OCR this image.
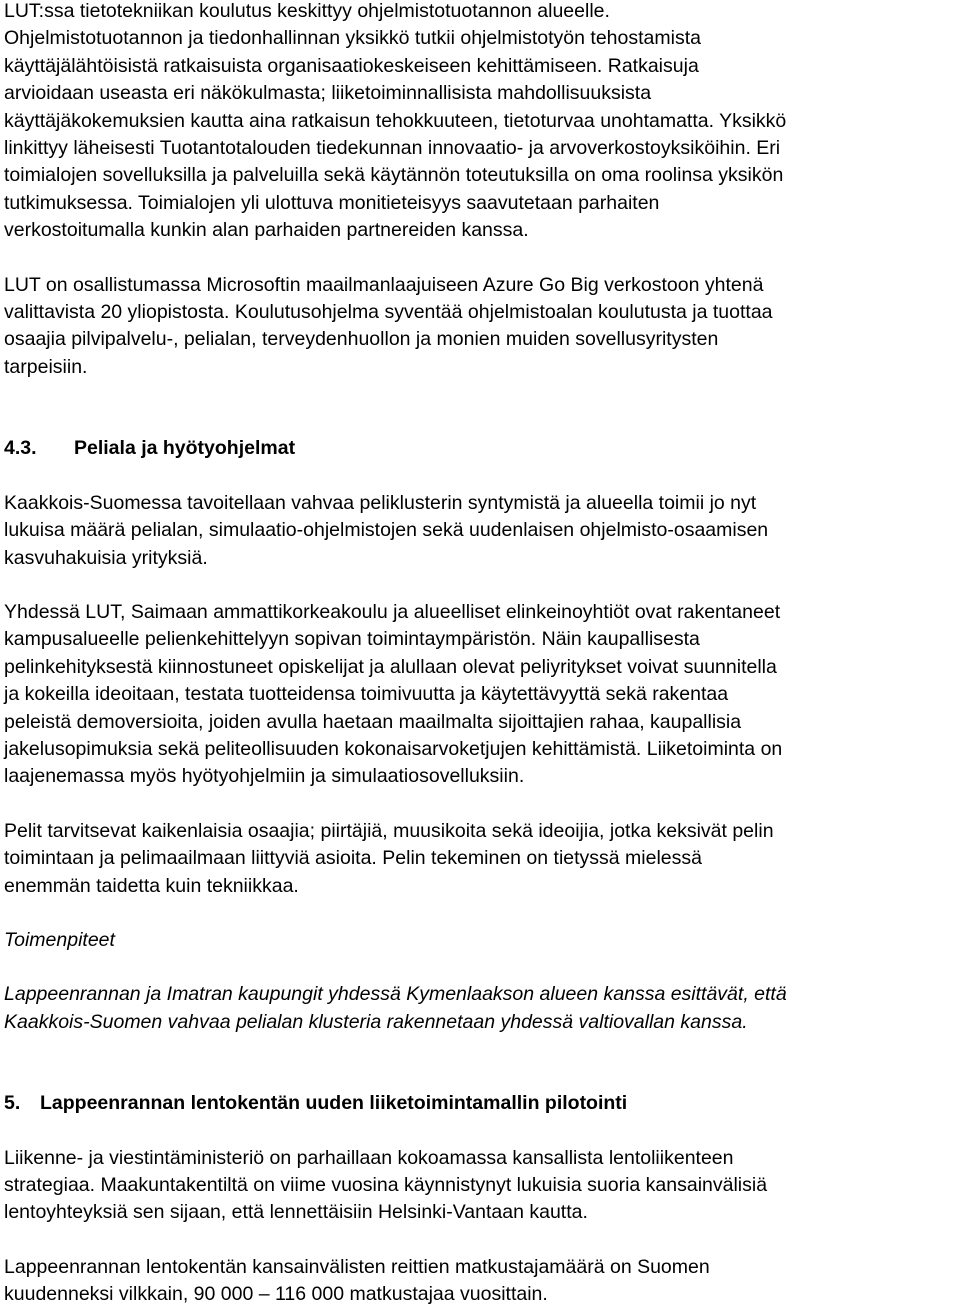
LUT:ssa tietotekniikan koulutus keskittyy ohjelmistotuotannon alueelle.
Ohjelmistotuotannon ja tiedonhallinnan yksikkö tutkii ohjelmistotyön tehostamista
käyttäjälähtöisistä ratkaisuista organisaatiokeskeiseen kehittämiseen. Ratkaisuja
arvioidaan useasta eri näkökulmasta; liiketoiminnallisista mahdollisuuksista
käyttäjäkokemuksien kautta aina ratkaisun tehokkuuteen, tietoturvaa unohtamatta. Yksikkö
linkittyy läheisesti Tuotantotalouden tiedekunnan innovaatio- ja arvoverkostoyksiköihin. Eri
toimialojen sovelluksilla ja palveluilla sekä käytännön toteutuksilla on oma roolinsa yksikön
tutkimuksessa. Toimialojen yli ulottuva monitieteisyys saavutetaan parhaiten
verkostoitumalla kunkin alan parhaiden partnereiden kanssa.

LUT on osallistumassa Microsoftin maailmanlaajuiseen Azure Go Big verkostoon yhtenä
valittavista 20 yliopistosta. Koulutusohjelma syventää ohjelmistoalan koulutusta ja tuottaa
osaajia pilvipalvelu-, pelialan, terveydenhuollon ja monien muiden sovellusyritysten
tarpeisiin.

4.3. Peliala ja hyötyohjelmat

Kaakkois-Suomessa tavoitellaan vahvaa peliklusterin syntymistä ja alueella toimii jo nyt
lukuisa määrä pelialan, simulaatio-ohjelmistojen sekä uudenlaisen ohjelmisto-osaamisen
kasvuhakuisia yrityksiä.

Yhdessä LUT, Saimaan ammattikorkeakoulu ja alueelliset elinkeinoyhtiöt ovat rakentaneet
kampusalueelle pelienkehittelyyn sopivan toimintaympäristön. Näin kaupallisesta
pelinkehityksestä kiinnostuneet opiskelijat ja alullaan olevat peliyritykset voivat suunnitella
ja kokeilla ideoitaan, testata tuotteidensa toimivuutta ja käytettävyyttä sekä rakentaa
peleistä demoversioita, joiden avulla haetaan maailmalta sijoittajien rahaa, kaupallisia
jakelusopimuksia sekä peliteollisuuden kokonaisarvoketjujen kehittämistä. Liiketoiminta on
laajenemassa myös hyötyohjelmiin ja simulaatiosovelluksiin.

Pelit tarvitsevat kaikenlaisia osaajia; piirtäjiä, muusikoita sekä ideoijia, jotka keksivät pelin
toimintaan ja pelimaailmaan liittyviä asioita. Pelin tekeminen on tietyssä mielessä
enemmän taidetta kuin tekniikkaa.

Toimenpiteet

Lappeenrannan ja Imatran kaupungit yhdessä Kymenlaakson alueen kanssa esittävät, että
Kaakkois-Suomen vahvaa pelialan klusteria rakennetaan yhdessä valtiovallan kanssa.

5. Lappeenrannan lentokentän uuden liiketoimintamallin pilotointi

Liikenne- ja viestintäministeriö on parhaillaan kokoamassa kansallista lentoliikenteen
strategiaa. Maakuntakentiltä on viime vuosina käynnistynyt lukuisia suoria kansainvälisiä
lentoyhteyksiä sen sijaan, että lennettäisiin Helsinki-Vantaan kautta.

Lappeenrannan lentokentän kansainvälisten reittien matkustajamäärä on Suomen
kuudenneksi vilkkain, 90 000 – 116 000 matkustajaa vuosittain.
